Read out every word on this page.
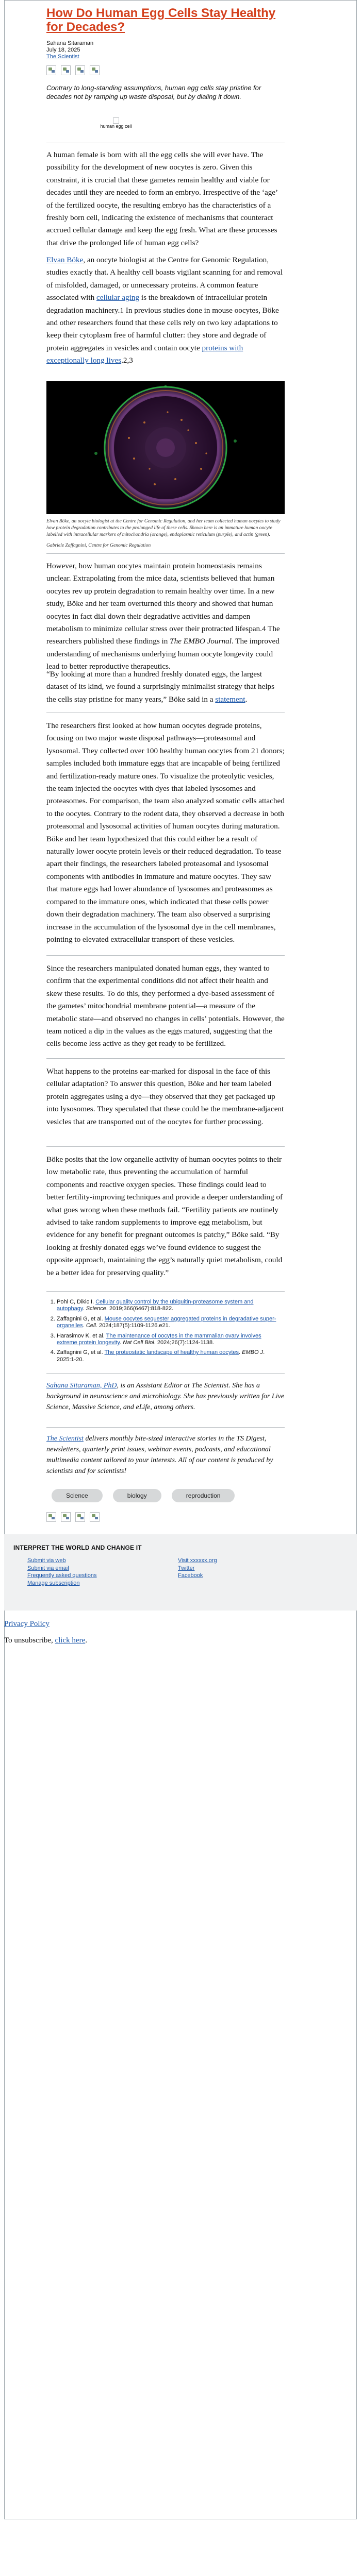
How Do Human Egg Cells Stay Healthy for Decades?
Sahana Sitaraman
July 18, 2025
The Scientist
Contrary to long-standing assumptions, human egg cells stay pristine for decades not by ramping up waste disposal, but by dialing it down.

human egg cell

A human female is born with all the egg cells she will ever have. The possibility for the development of new oocytes is zero. Given this constraint, it is crucial that these gametes remain healthy and viable for decades until they are needed to form an embryo. Irrespective of the ‘age’ of the fertilized oocyte, the resulting embryo has the characteristics of a freshly born cell, indicating the existence of mechanisms that counteract accrued cellular damage and keep the egg fresh. What are these processes that drive the prolonged life of human egg cells?

Elvan Böke, an oocyte biologist at the Centre for Genomic Regulation, studies exactly that. A healthy cell boasts vigilant scanning for and removal of misfolded, damaged, or unnecessary proteins. A common feature associated with cellular aging is the breakdown of intracellular protein degradation machinery.1 In previous studies done in mouse oocytes, Böke and other researchers found that these cells rely on two key adaptations to keep their cytoplasm free of harmful clutter: they store and degrade of protein aggregates in vesicles and contain oocyte proteins with exceptionally long lives.2,3

Elvan Böke, an oocyte biologist at the Centre for Genomic Regulation, and her team collected human oocytes to study how protein degradation contributes to the prolonged life of these cells. Shown here is an immature human oocyte labelled with intracellular markers of mitochondria (orange), endoplasmic reticulum (purple), and actin (green).
Gabriele Zaffagnini, Centre for Genomic Regulation

However, how human oocytes maintain protein homeostasis remains unclear. Extrapolating from the mice data, scientists believed that human oocytes rev up protein degradation to remain healthy over time. In a new study, Böke and her team overturned this theory and showed that human oocytes in fact dial down their degradative activities and dampen metabolism to minimize cellular stress over their protracted lifespan.4 The researchers published these findings in The EMBO Journal. The improved understanding of mechanisms underlying human oocyte longevity could lead to better reproductive therapeutics.

“By looking at more than a hundred freshly donated eggs, the largest dataset of its kind, we found a surprisingly minimalist strategy that helps the cells stay pristine for many years,” Böke said in a statement.

The researchers first looked at how human oocytes degrade proteins, focusing on two major waste disposal pathways—proteasomal and lysosomal. They collected over 100 healthy human oocytes from 21 donors; samples included both immature eggs that are incapable of being fertilized and fertilization-ready mature ones. To visualize the proteolytic vesicles, the team injected the oocytes with dyes that labeled lysosomes and proteasomes. For comparison, the team also analyzed somatic cells attached to the oocytes. Contrary to the rodent data, they observed a decrease in both proteasomal and lysosomal activities of human oocytes during maturation. Böke and her team hypothesized that this could either be a result of naturally lower oocyte protein levels or their reduced degradation. To tease apart their findings, the researchers labeled proteasomal and lysosomal components with antibodies in immature and mature oocytes. They saw that mature eggs had lower abundance of lysosomes and proteasomes as compared to the immature ones, which indicated that these cells power down their degradation machinery. The team also observed a surprising increase in the accumulation of the lysosomal dye in the cell membranes, pointing to elevated extracellular transport of these vesicles.

Since the researchers manipulated donated human eggs, they wanted to confirm that the experimental conditions did not affect their health and skew these results. To do this, they performed a dye-based assessment of the gametes’ mitochondrial membrane potential—a measure of the metabolic state—and observed no changes in cells’ potentials. However, the team noticed a dip in the values as the eggs matured, suggesting that the cells become less active as they get ready to be fertilized.

What happens to the proteins ear-marked for disposal in the face of this cellular adaptation? To answer this question, Böke and her team labeled protein aggregates using a dye—they observed that they get packaged up into lysosomes. They speculated that these could be the membrane-adjacent vesicles that are transported out of the oocytes for further processing.

Böke posits that the low organelle activity of human oocytes points to their low metabolic rate, thus preventing the accumulation of harmful components and reactive oxygen species. These findings could lead to better fertility-improving techniques and provide a deeper understanding of what goes wrong when these methods fail. “Fertility patients are routinely advised to take random supplements to improve egg metabolism, but evidence for any benefit for pregnant outcomes is patchy,” Böke said. “By looking at freshly donated eggs we’ve found evidence to suggest the opposite approach, maintaining the egg’s naturally quiet metabolism, could be a better idea for preserving quality.”

1. Pohl C, Dikic I. Cellular quality control by the ubiquitin-proteasome system and autophagy. Science. 2019;366(6467):818-822.
2. Zaffagnini G, et al. Mouse oocytes sequester aggregated proteins in degradative super-organelles. Cell. 2024;187(5):1109-1126.e21.
3. Harasimov K, et al. The maintenance of oocytes in the mammalian ovary involves extreme protein longevity. Nat Cell Biol. 2024;26(7):1124-1138.
4. Zaffagnini G, et al. The proteostatic landscape of healthy human oocytes. EMBO J. 2025:1-20.
Sahana Sitaraman, PhD, is an Assistant Editor at The Scientist. She has a background in neuroscience and microbiology. She has previously written for Live Science, Massive Science, and eLife, among others.
The Scientist delivers monthly bite-sized interactive stories in the TS Digest, newsletters, quarterly print issues, webinar events, podcasts, and educational multimedia content tailored to your interests. All of our content is produced by scientists and for scientists!
Science	biology	reproduction
INTERPRET THE WORLD AND CHANGE IT
Submit via web
Submit via email
Frequently asked questions
Manage subscription
Visit xxxxxx.org
Twitter
Facebook
Privacy Policy
To unsubscribe, click here.
